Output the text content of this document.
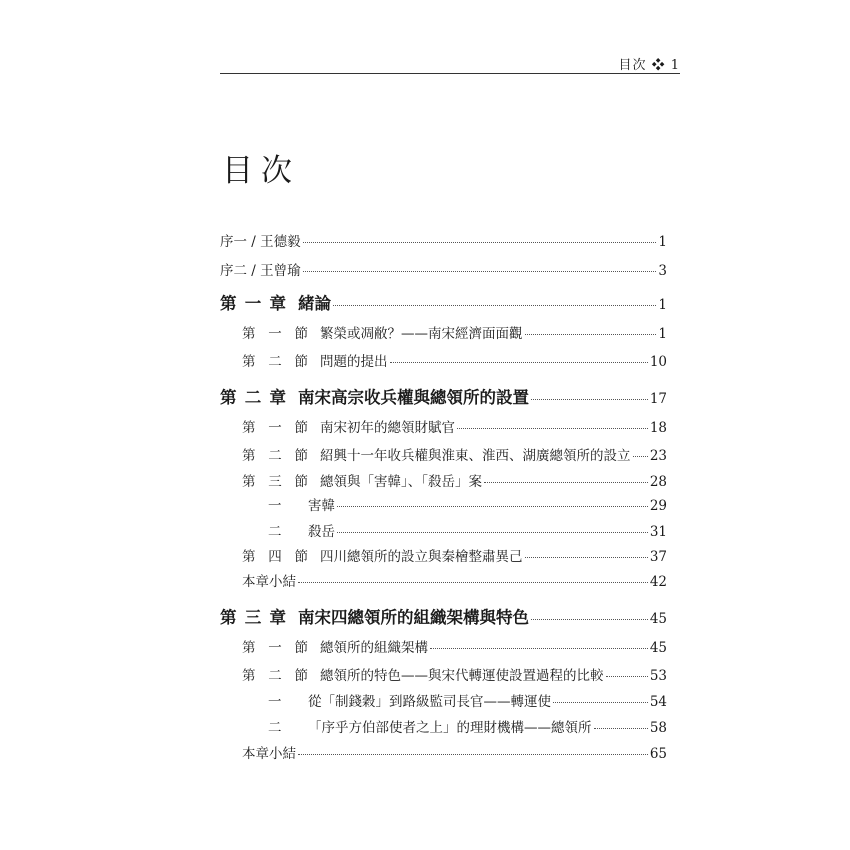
目次 ❖ 1
目次
序一 / 王德毅	1
序二 / 王曾瑜	3
第一章 緒論	1
第一節 繁榮或凋敝？——南宋經濟面面觀	1
第二節 問題的提出	10
第二章 南宋高宗收兵權與總領所的設置	17
第一節 南宋初年的總領財賦官	18
第二節 紹興十一年收兵權與淮東、淮西、湖廣總領所的設立 23
第三節 總領與「害韓」、「殺岳」案	28
一 害韓	29
二 殺岳	31
第四節 四川總領所的設立與秦檜整肅異己	37
本章小結	42
第三章 南宋四總領所的組織架構與特色	45
第一節 總領所的組織架構	45
第二節 總領所的特色——與宋代轉運使設置過程的比較	53
一 從「制錢穀」到路級監司長官——轉運使	54
二 「序乎方伯部使者之上」的理財機構——總領所	58
本章小結	65
